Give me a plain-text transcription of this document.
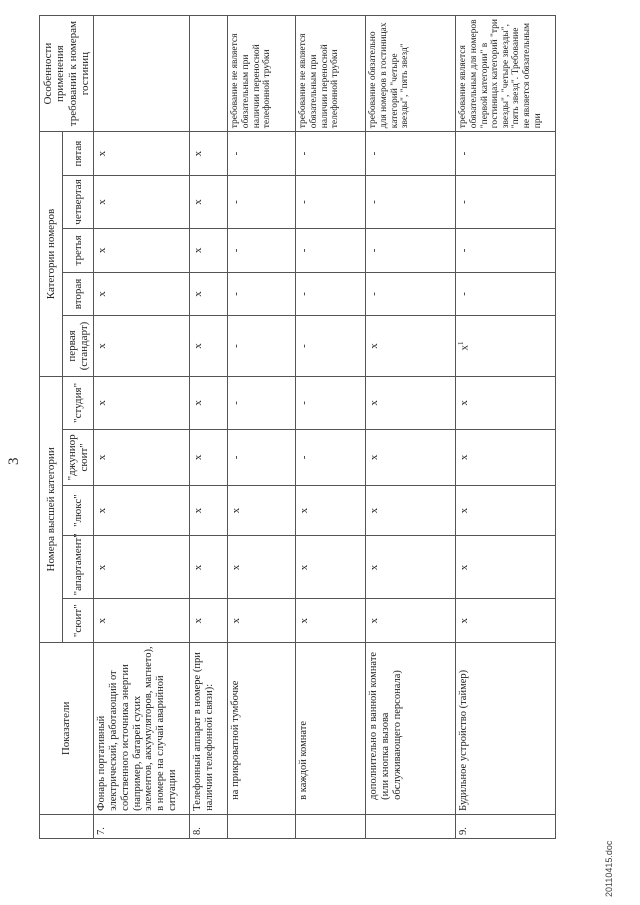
3
	Показатели	Номера высшей категории					Категории номеров					Особенности применения требований к номерам гостиниц
		"сюит"	"апартамент"	"люкс"	"джуниор сюит"	"студия"	первая (стандарт)	вторая	третья	четвертая	пятая	
7.	Фонарь портативный электрический, работающий от собственного источника энергии (например, батарей сухих элементов, аккумуляторов, магнето), в номере на случай аварийной ситуации	x	x	x	x	x	x	x	x	x	x	
8.	Телефонный аппарат в номере (при наличии телефонной связи):	x	x	x	x	x	x	x	x	x	x	
	на прикроватной тумбочке	x	x	x	-	-	-	-	-	-	-	требование не является обязательным при наличии переносной телефонной трубки
	в каждой комнате	x	x	x	-	-	-	-	-	-	-	требование не является обязательным при наличии переносной телефонной трубки
	дополнительно в ванной комнате (или кнопка вызова обслуживающего персонала)	x	x	x	x	x	x	-	-	-	-	требование обязательно для номеров в гостиницах категорий "четыре звезды", "пять звезд"
9.	Будильное устройство (таймер)	x	x	x	x	x	$x^1$	-	-	-	-	требование является обязательным для номеров "первой категории" в гостиницах категорий "три звезды", "четыре звезды", "пять звезд". Требование не является обязательным при
20110415.doc
